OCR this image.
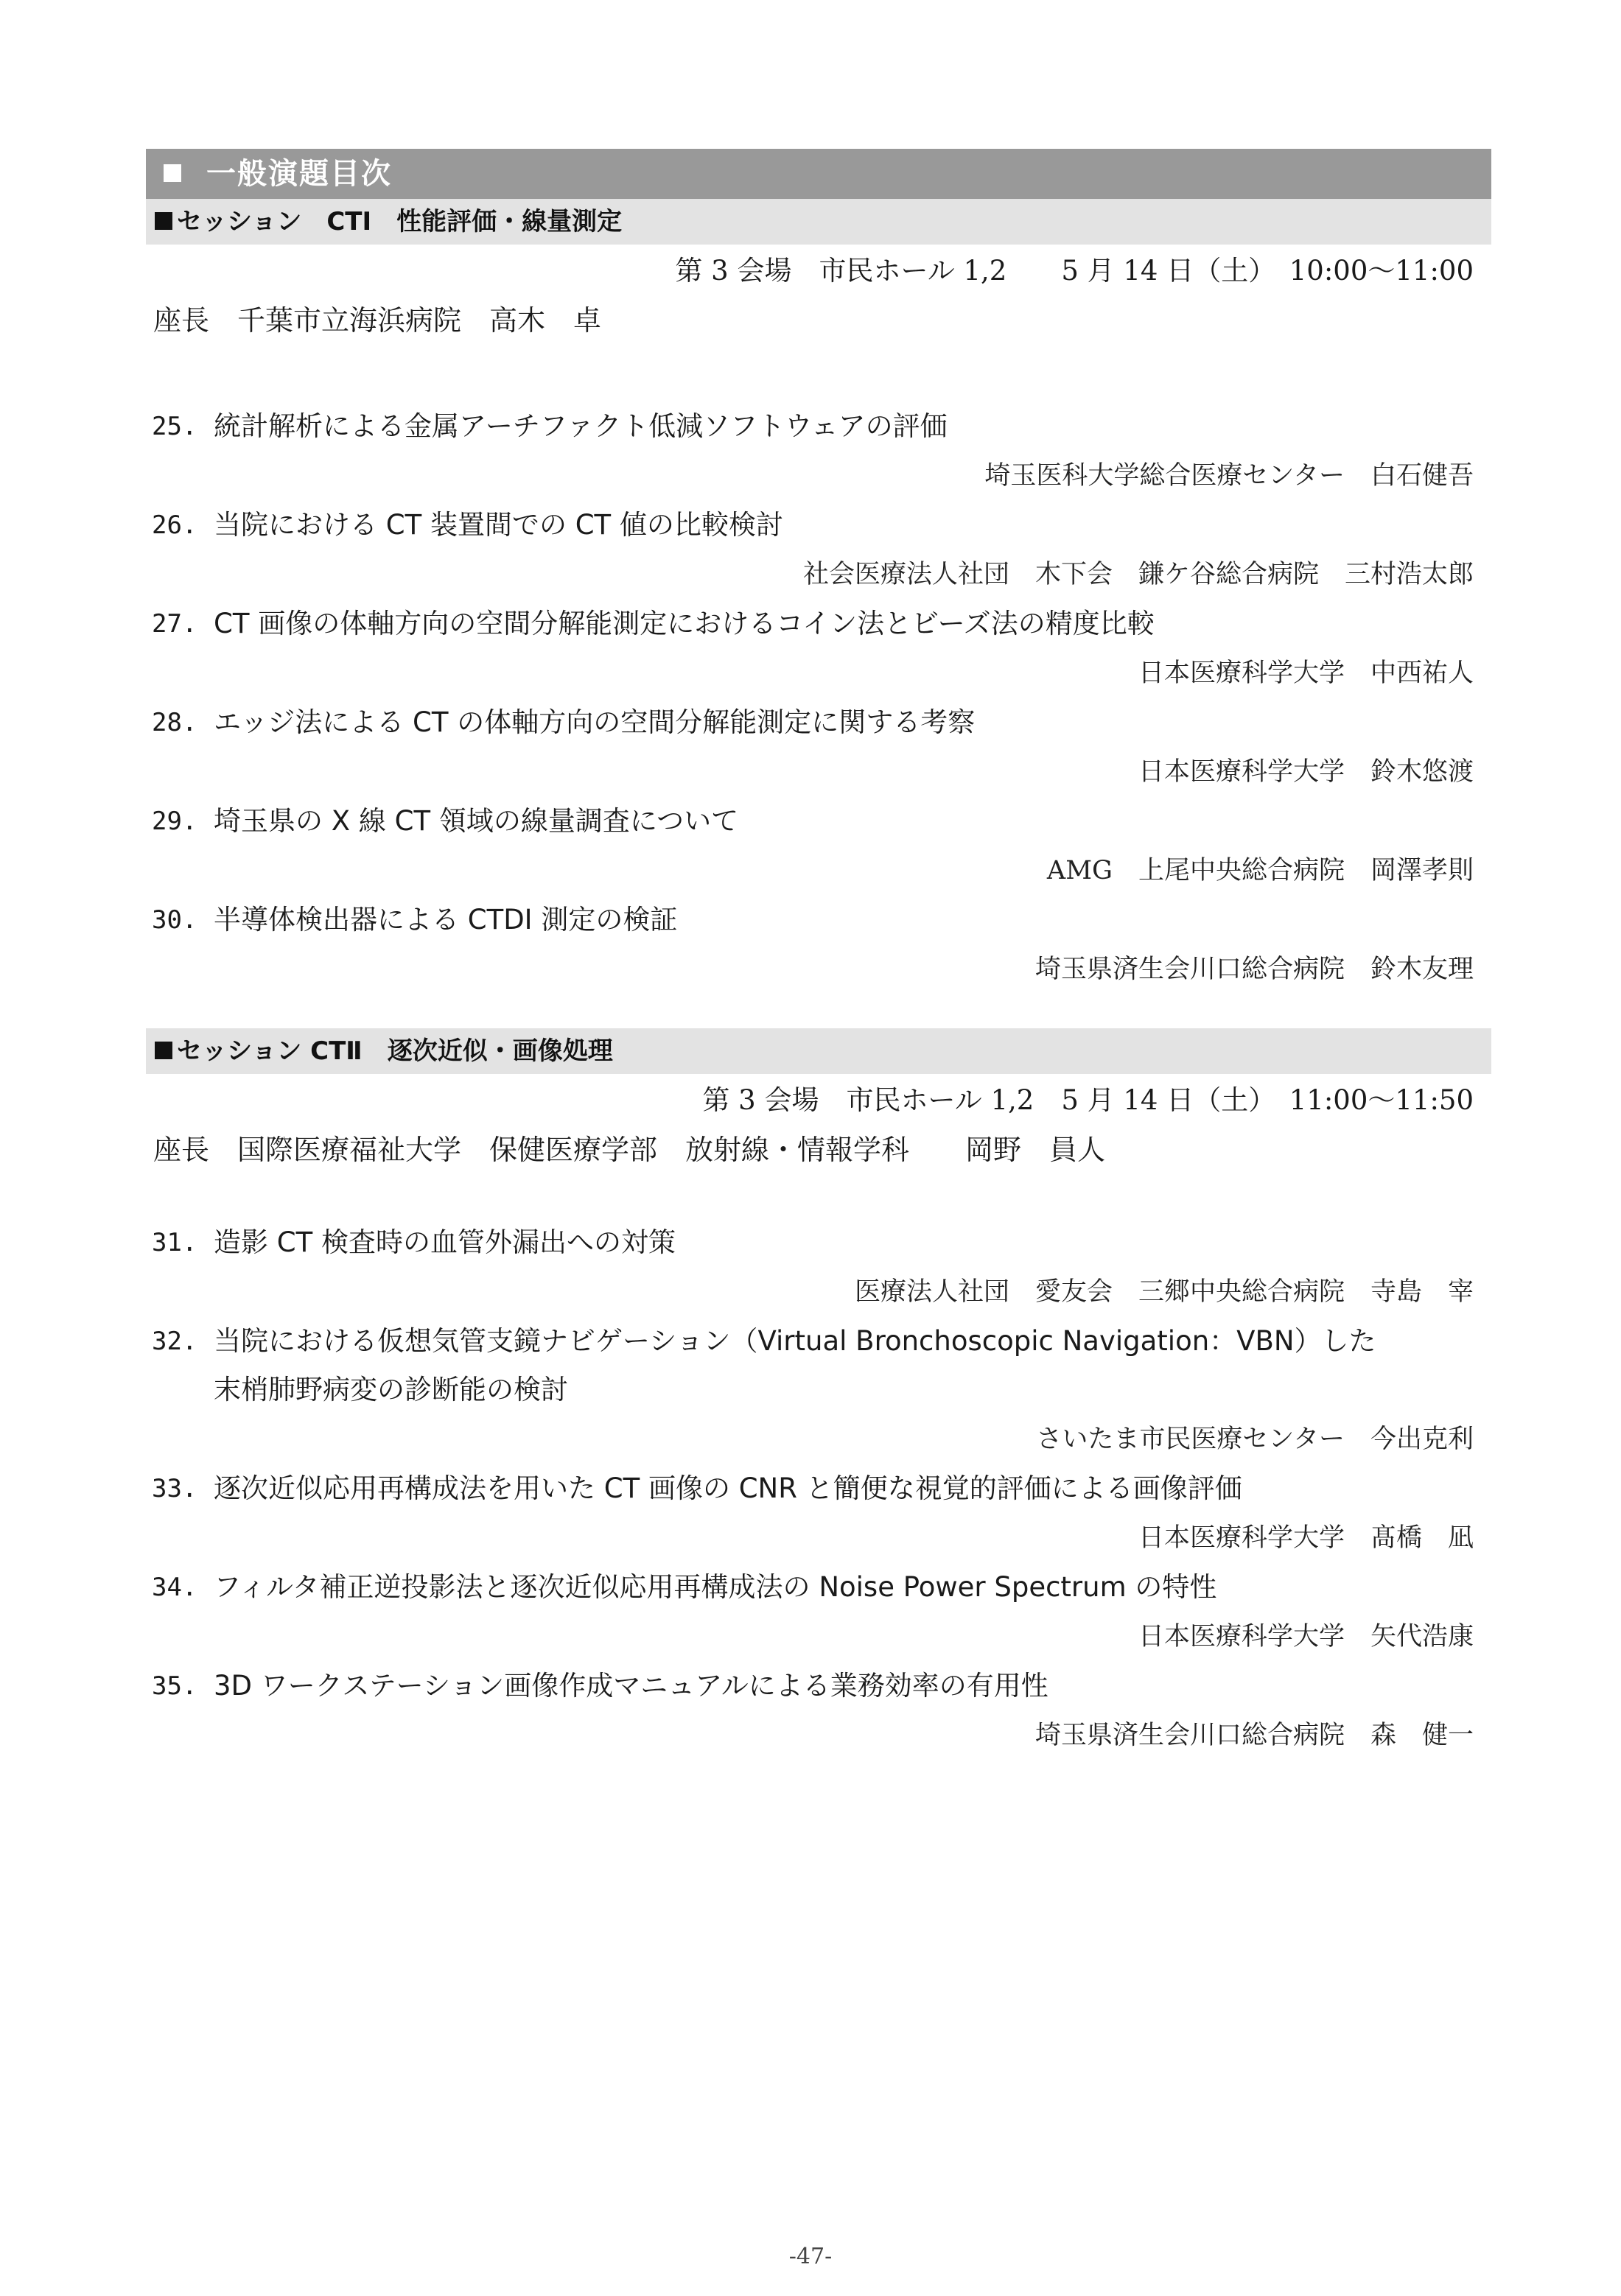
一般演題目次
セッション　CTⅠ　性能評価・線量測定
第 3 会場　市民ホール 1,2　　5 月 14 日（土）　10:00〜11:00
座長　千葉市立海浜病院　高木　卓
25. 統計解析による金属アーチファクト低減ソフトウェアの評価
埼玉医科大学総合医療センター　白石健吾
26. 当院における CT 装置間での CT 値の比較検討
社会医療法人社団　木下会　鎌ケ谷総合病院　三村浩太郎
27. CT 画像の体軸方向の空間分解能測定におけるコイン法とビーズ法の精度比較
日本医療科学大学　中西祐人
28. エッジ法による CT の体軸方向の空間分解能測定に関する考察
日本医療科学大学　鈴木悠渡
29. 埼玉県の X 線 CT 領域の線量調査について
AMG　上尾中央総合病院　岡澤孝則
30. 半導体検出器による CTDI 測定の検証
埼玉県済生会川口総合病院　鈴木友理
セッション CTⅡ　逐次近似・画像処理
第 3 会場　市民ホール 1,2　5 月 14 日（土）　11:00〜11:50
座長　国際医療福祉大学　保健医療学部　放射線・情報学科　　岡野　員人
31. 造影 CT 検査時の血管外漏出への対策
医療法人社団　愛友会　三郷中央総合病院　寺島　宰
32. 当院における仮想気管支鏡ナビゲーション（Virtual Bronchoscopic Navigation：VBN）した
末梢肺野病変の診断能の検討
さいたま市民医療センター　今出克利
33. 逐次近似応用再構成法を用いた CT 画像の CNR と簡便な視覚的評価による画像評価
日本医療科学大学　髙橋　凪
34. フィルタ補正逆投影法と逐次近似応用再構成法の Noise Power Spectrum の特性
日本医療科学大学　矢代浩康
35. 3D ワークステーション画像作成マニュアルによる業務効率の有用性
埼玉県済生会川口総合病院　森　健一
-47-
